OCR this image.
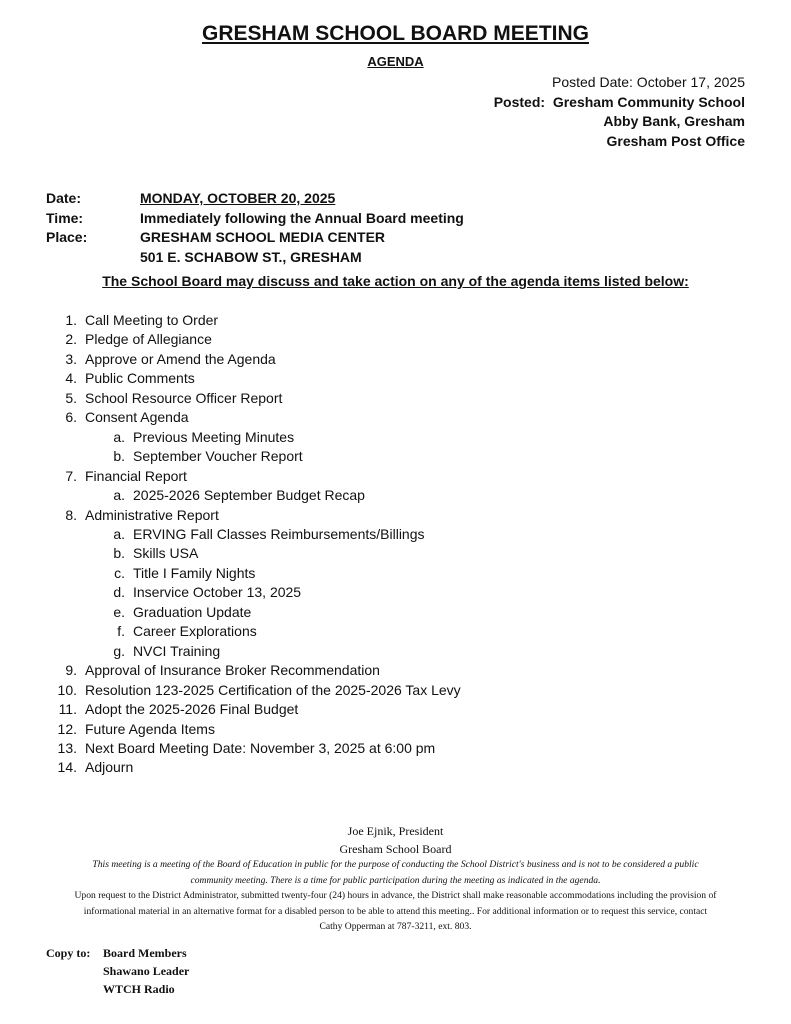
GRESHAM SCHOOL BOARD MEETING
AGENDA
Posted Date: October 17, 2025
Posted: Gresham Community School
Abby Bank, Gresham
Gresham Post Office
Date:	MONDAY, OCTOBER 20, 2025
Time:	Immediately following the Annual Board meeting
Place:	GRESHAM SCHOOL MEDIA CENTER
501 E. SCHABOW ST., GRESHAM
The School Board may discuss and take action on any of the agenda items listed below:
1. Call Meeting to Order
2. Pledge of Allegiance
3. Approve or Amend the Agenda
4. Public Comments
5. School Resource Officer Report
6. Consent Agenda
a. Previous Meeting Minutes
b. September Voucher Report
7. Financial Report
a. 2025-2026 September Budget Recap
8. Administrative Report
a. ERVING Fall Classes Reimbursements/Billings
b. Skills USA
c. Title I Family Nights
d. Inservice October 13, 2025
e. Graduation Update
f. Career Explorations
g. NVCI Training
9. Approval of Insurance Broker Recommendation
10. Resolution 123-2025 Certification of the 2025-2026 Tax Levy
11. Adopt the 2025-2026 Final Budget
12. Future Agenda Items
13. Next Board Meeting Date: November 3, 2025 at 6:00 pm
14. Adjourn
Joe Ejnik, President
Gresham School Board
This meeting is a meeting of the Board of Education in public for the purpose of conducting the School District's business and is not to be considered a public
community meeting. There is a time for public participation during the meeting as indicated in the agenda.
Upon request to the District Administrator, submitted twenty-four (24) hours in advance, the District shall make reasonable accommodations including the provision of
informational material in an alternative format for a disabled person to be able to attend this meeting.. For additional information or to request this service, contact
Cathy Opperman at 787-3211, ext. 803.
Copy to:	Board Members
Shawano Leader
WTCH Radio
